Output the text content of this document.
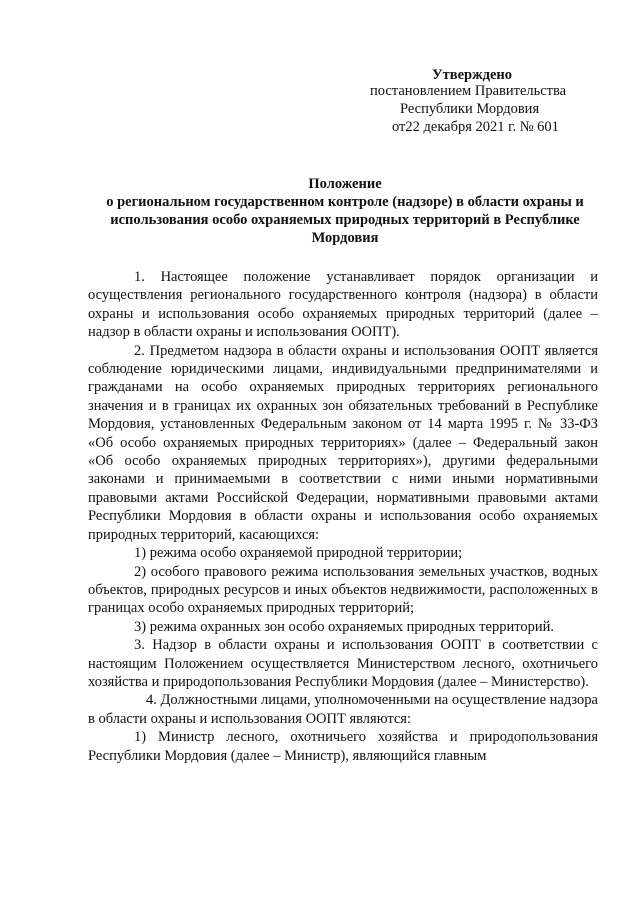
Утверждено
постановлением Правительства
Республики Мордовия
от22 декабря 2021 г. № 601
Положение
о региональном государственном контроле (надзоре) в области охраны и использования особо охраняемых природных территорий в Республике Мордовия

1. Настоящее положение устанавливает порядок организации и осуществления регионального государственного контроля (надзора) в области охраны и использования особо охраняемых природных территорий (далее – надзор в области охраны и использования ООПТ).

2. Предметом надзора в области охраны и использования ООПТ является соблюдение юридическими лицами, индивидуальными предпринимателями и гражданами на особо охраняемых природных территориях регионального значения и в границах их охранных зон обязательных требований в Республике Мордовия, установленных Федеральным законом от 14 марта 1995 г. № 33-ФЗ «Об особо охраняемых природных территориях» (далее – Федеральный закон «Об особо охраняемых природных территориях»), другими федеральными законами и принимаемыми в соответствии с ними иными нормативными правовыми актами Российской Федерации, нормативными правовыми актами Республики Мордовия в области охраны и использования особо охраняемых природных территорий, касающихся:

1) режима особо охраняемой природной территории;

2) особого правового режима использования земельных участков, водных объектов, природных ресурсов и иных объектов недвижимости, расположенных в границах особо охраняемых природных территорий;

3) режима охранных зон особо охраняемых природных территорий.

3. Надзор в области охраны и использования ООПТ в соответствии с настоящим Положением осуществляется Министерством лесного, охотничьего хозяйства и природопользования Республики Мордовия (далее – Министерство).

4. Должностными лицами, уполномоченными на осуществление надзора в области охраны и использования ООПТ являются:

1) Министр лесного, охотничьего хозяйства и природопользования Республики Мордовия (далее – Министр), являющийся главным
